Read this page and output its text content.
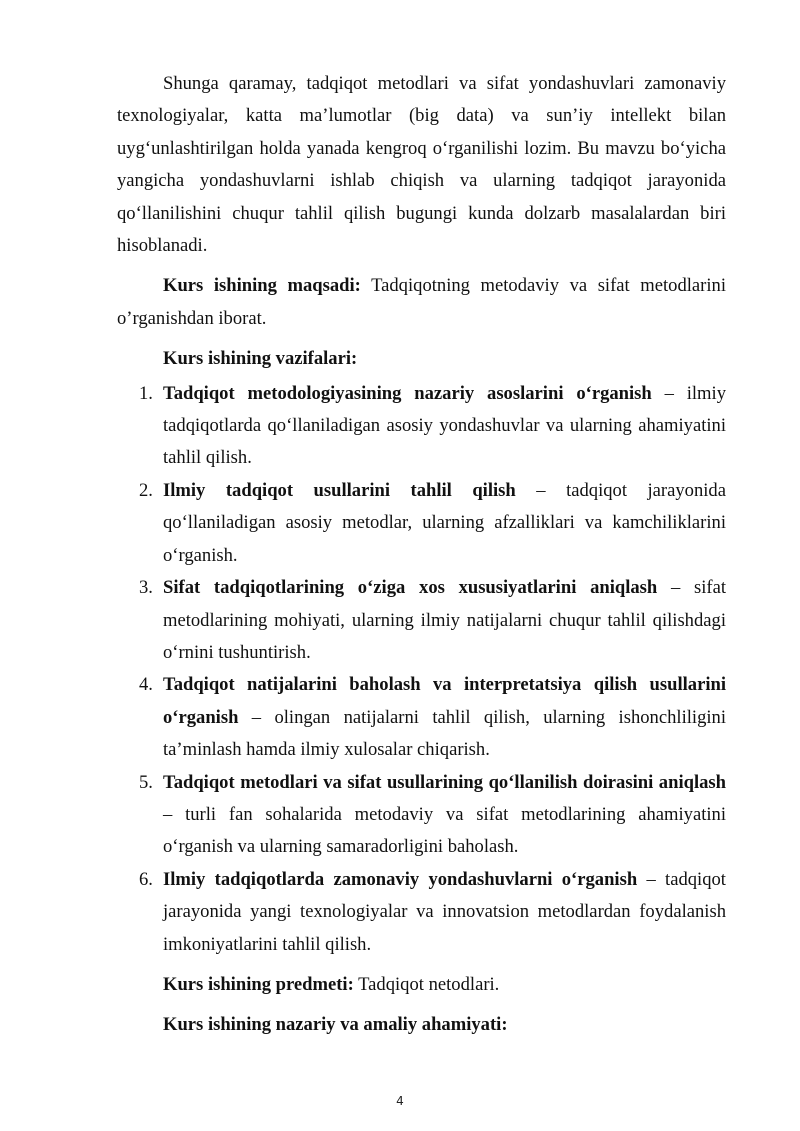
Shunga qaramay, tadqiqot metodlari va sifat yondashuvlari zamonaviy texnologiyalar, katta ma’lumotlar (big data) va sun’iy intellekt bilan uyg‘unlashtirilgan holda yanada kengroq o‘rganilishi lozim. Bu mavzu bo‘yicha yangicha yondashuvlarni ishlab chiqish va ularning tadqiqot jarayonida qo‘llanilishini chuqur tahlil qilish bugungi kunda dolzarb masalalardan biri hisoblanadi.

Kurs ishining maqsadi: Tadqiqotning metodaviy va sifat metodlarini o’rganishdan iborat.

Kurs ishining vazifalari:

1. Tadqiqot metodologiyasining nazariy asoslarini o‘rganish – ilmiy tadqiqotlarda qo‘llaniladigan asosiy yondashuvlar va ularning ahamiyatini tahlil qilish.
2. Ilmiy tadqiqot usullarini tahlil qilish – tadqiqot jarayonida qo‘llaniladigan asosiy metodlar, ularning afzalliklari va kamchiliklarini o‘rganish.
3. Sifat tadqiqotlarining o‘ziga xos xususiyatlarini aniqlash – sifat metodlarining mohiyati, ularning ilmiy natijalarni chuqur tahlil qilishdagi o‘rnini tushuntirish.
4. Tadqiqot natijalarini baholash va interpretatsiya qilish usullarini o‘rganish – olingan natijalarni tahlil qilish, ularning ishonchliligini ta’minlash hamda ilmiy xulosalar chiqarish.
5. Tadqiqot metodlari va sifat usullarining qo‘llanilish doirasini aniqlash – turli fan sohalarida metodaviy va sifat metodlarining ahamiyatini o‘rganish va ularning samaradorligini baholash.
6. Ilmiy tadqiqotlarda zamonaviy yondashuvlarni o‘rganish – tadqiqot jarayonida yangi texnologiyalar va innovatsion metodlardan foydalanish imkoniyatlarini tahlil qilish.

Kurs ishining predmeti: Tadqiqot netodlari.

Kurs ishining nazariy va amaliy ahamiyati:

4
